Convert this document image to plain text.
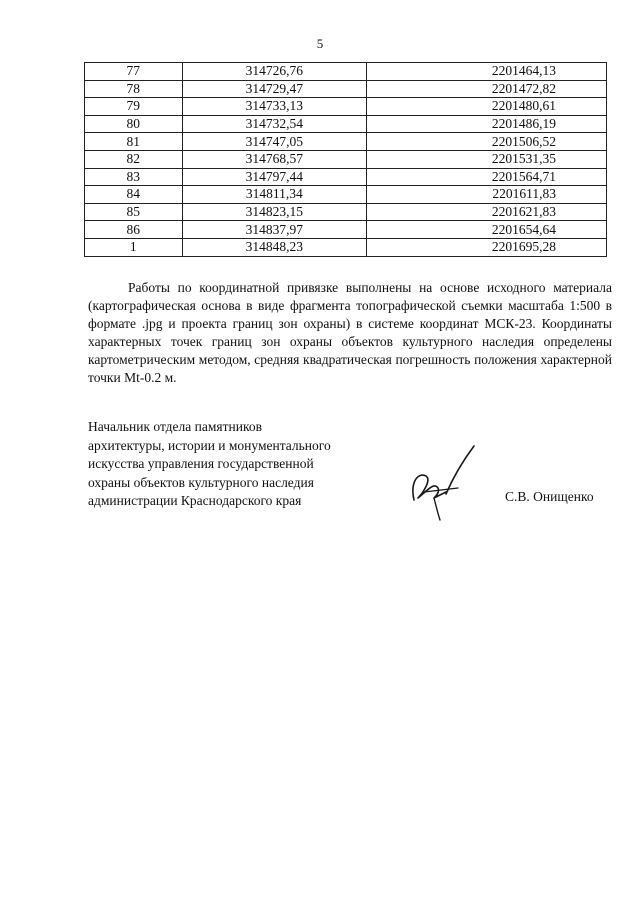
5
77	314726,76	2201464,13
78	314729,47	2201472,82
79	314733,13	2201480,61
80	314732,54	2201486,19
81	314747,05	2201506,52
82	314768,57	2201531,35
83	314797,44	2201564,71
84	314811,34	2201611,83
85	314823,15	2201621,83
86	314837,97	2201654,64
1	314848,23	2201695,28

Работы по координатной привязке выполнены на основе исходного материала (картографическая основа в виде фрагмента топографической съемки масштаба 1:500 в формате .jpg и проекта границ зон охраны) в системе координат МСК-23. Координаты характерных точек границ зон охраны объектов культурного наследия определены картометрическим методом, средняя квадратическая погрешность положения характерной точки Mt-0.2 м.

Начальник отдела памятников
архитектуры, истории и монументального
искусства управления государственной
охраны объектов культурного наследия
администрации Краснодарского края	С.В. Онищенко
